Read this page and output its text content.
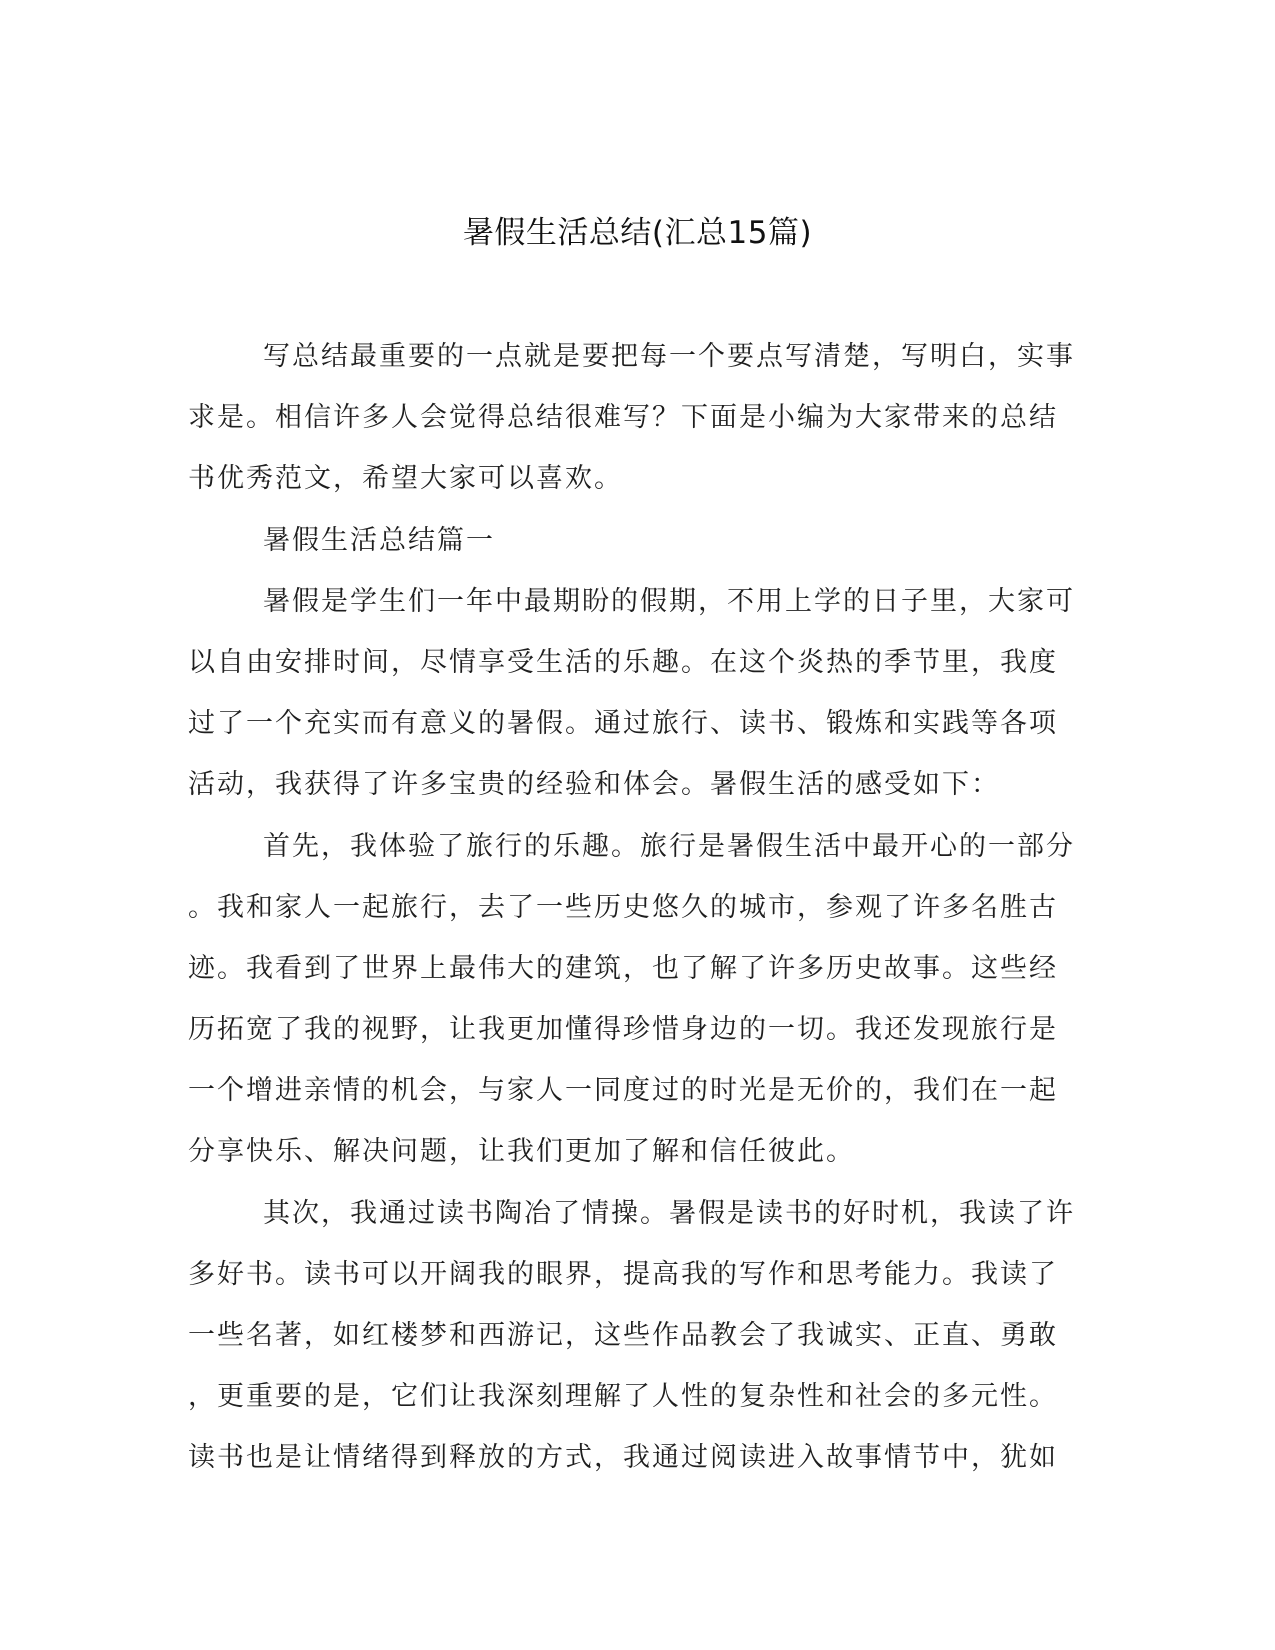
暑假生活总结(汇总15篇)
写总结最重要的一点就是要把每一个要点写清楚，写明白，实事
求是。相信许多人会觉得总结很难写？下面是小编为大家带来的总结
书优秀范文，希望大家可以喜欢。
暑假生活总结篇一
暑假是学生们一年中最期盼的假期，不用上学的日子里，大家可
以自由安排时间，尽情享受生活的乐趣。在这个炎热的季节里，我度
过了一个充实而有意义的暑假。通过旅行、读书、锻炼和实践等各项
活动，我获得了许多宝贵的经验和体会。暑假生活的感受如下：
首先，我体验了旅行的乐趣。旅行是暑假生活中最开心的一部分
。我和家人一起旅行，去了一些历史悠久的城市，参观了许多名胜古
迹。我看到了世界上最伟大的建筑，也了解了许多历史故事。这些经
历拓宽了我的视野，让我更加懂得珍惜身边的一切。我还发现旅行是
一个增进亲情的机会，与家人一同度过的时光是无价的，我们在一起
分享快乐、解决问题，让我们更加了解和信任彼此。
其次，我通过读书陶冶了情操。暑假是读书的好时机，我读了许
多好书。读书可以开阔我的眼界，提高我的写作和思考能力。我读了
一些名著，如红楼梦和西游记，这些作品教会了我诚实、正直、勇敢
，更重要的是，它们让我深刻理解了人性的复杂性和社会的多元性。
读书也是让情绪得到释放的方式，我通过阅读进入故事情节中，犹如
